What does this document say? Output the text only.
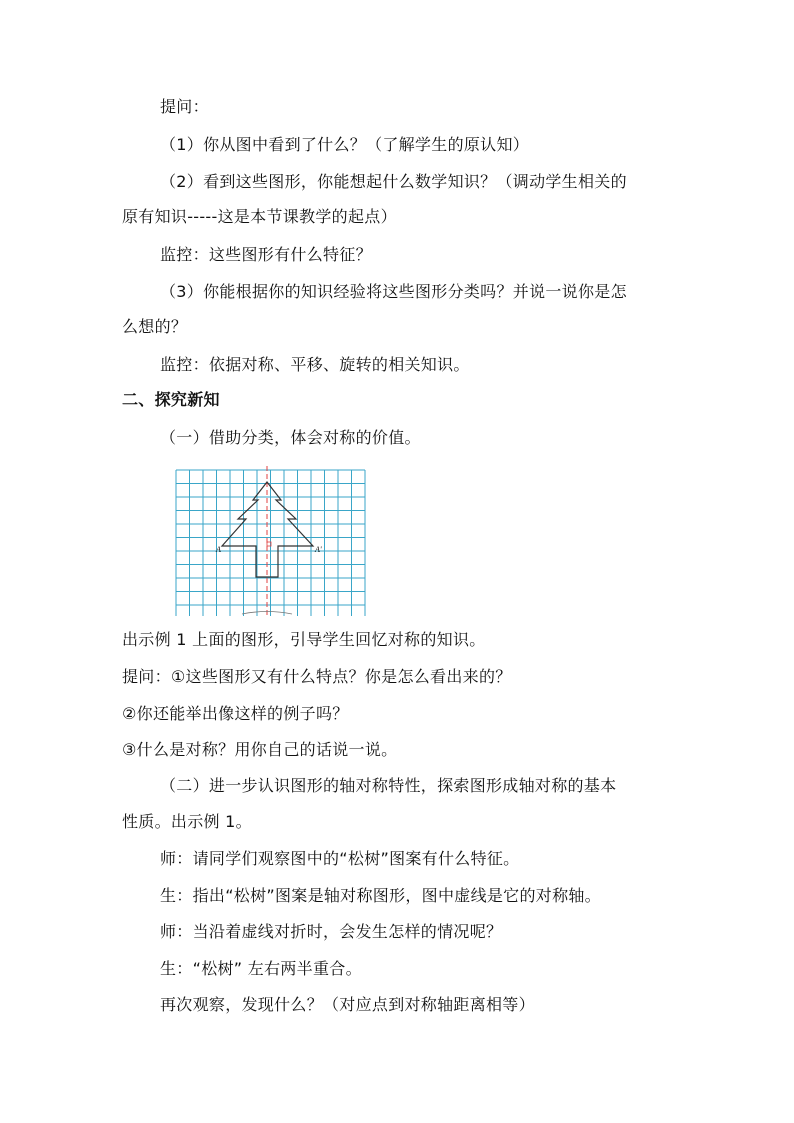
提问：
（1）你从图中看到了什么？（了解学生的原认知）
（2）看到这些图形，你能想起什么数学知识？（调动学生相关的
原有知识-----这是本节课教学的起点）
监控：这些图形有什么特征？
（3）你能根据你的知识经验将这些图形分类吗？并说一说你是怎
么想的？
监控：依据对称、平移、旋转的相关知识。
二、探究新知
（一）借助分类，体会对称的价值。
A	A'
出示例 1 上面的图形，引导学生回忆对称的知识。
提问：①这些图形又有什么特点？你是怎么看出来的？
②你还能举出像这样的例子吗？
③什么是对称？用你自己的话说一说。
（二）进一步认识图形的轴对称特性，探索图形成轴对称的基本
性质。出示例 1。
师：请同学们观察图中的“松树”图案有什么特征。
生：指出“松树”图案是轴对称图形，图中虚线是它的对称轴。
师：当沿着虚线对折时，会发生怎样的情况呢？
生：“松树” 左右两半重合。
再次观察，发现什么？（对应点到对称轴距离相等）
